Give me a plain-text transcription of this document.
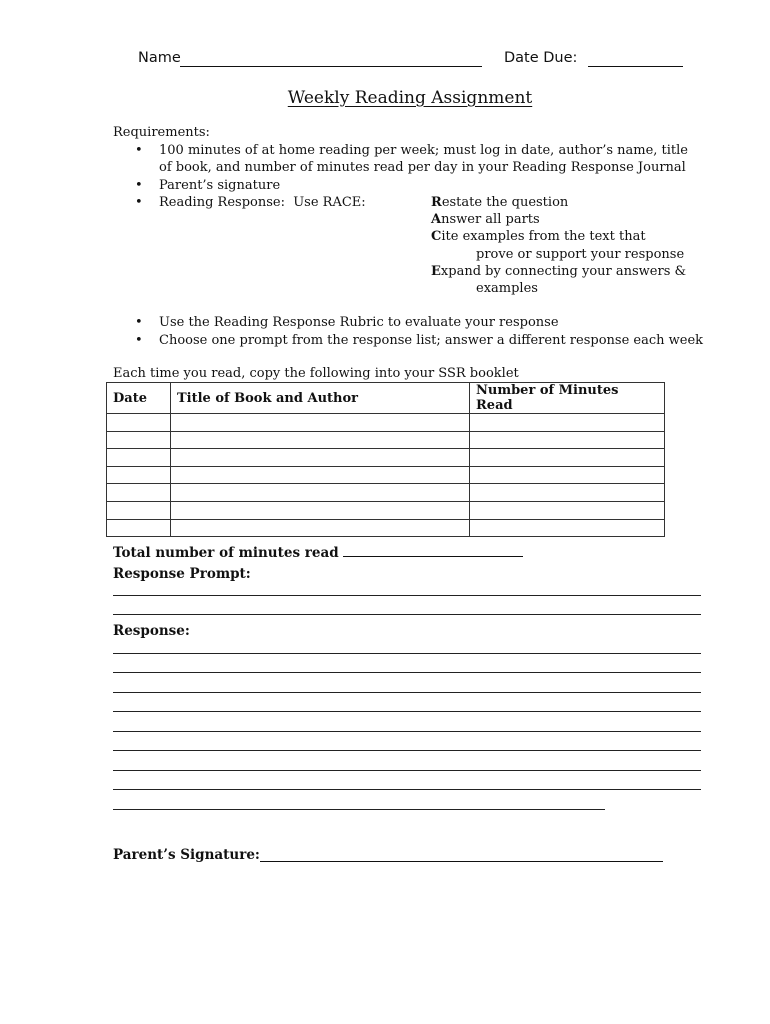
Name	Date Due:
Weekly Reading Assignment
Requirements:
• 100 minutes of at home reading per week; must log in date, author’s name, title of book, and number of minutes read per day in your Reading Response Journal
• Parent’s signature
• Reading Response:  Use RACE:	Restate the question
Answer all parts
Cite examples from the text that
prove or support your response
Expand by connecting your answers &
examples
• Use the Reading Response Rubric to evaluate your response
• Choose one prompt from the response list; answer a different response each week
Each time you read, copy the following into your SSR booklet
Date	Title of Book and Author	Number of Minutes Read

Total number of minutes read
Response Prompt:
Response:
Parent’s Signature:
